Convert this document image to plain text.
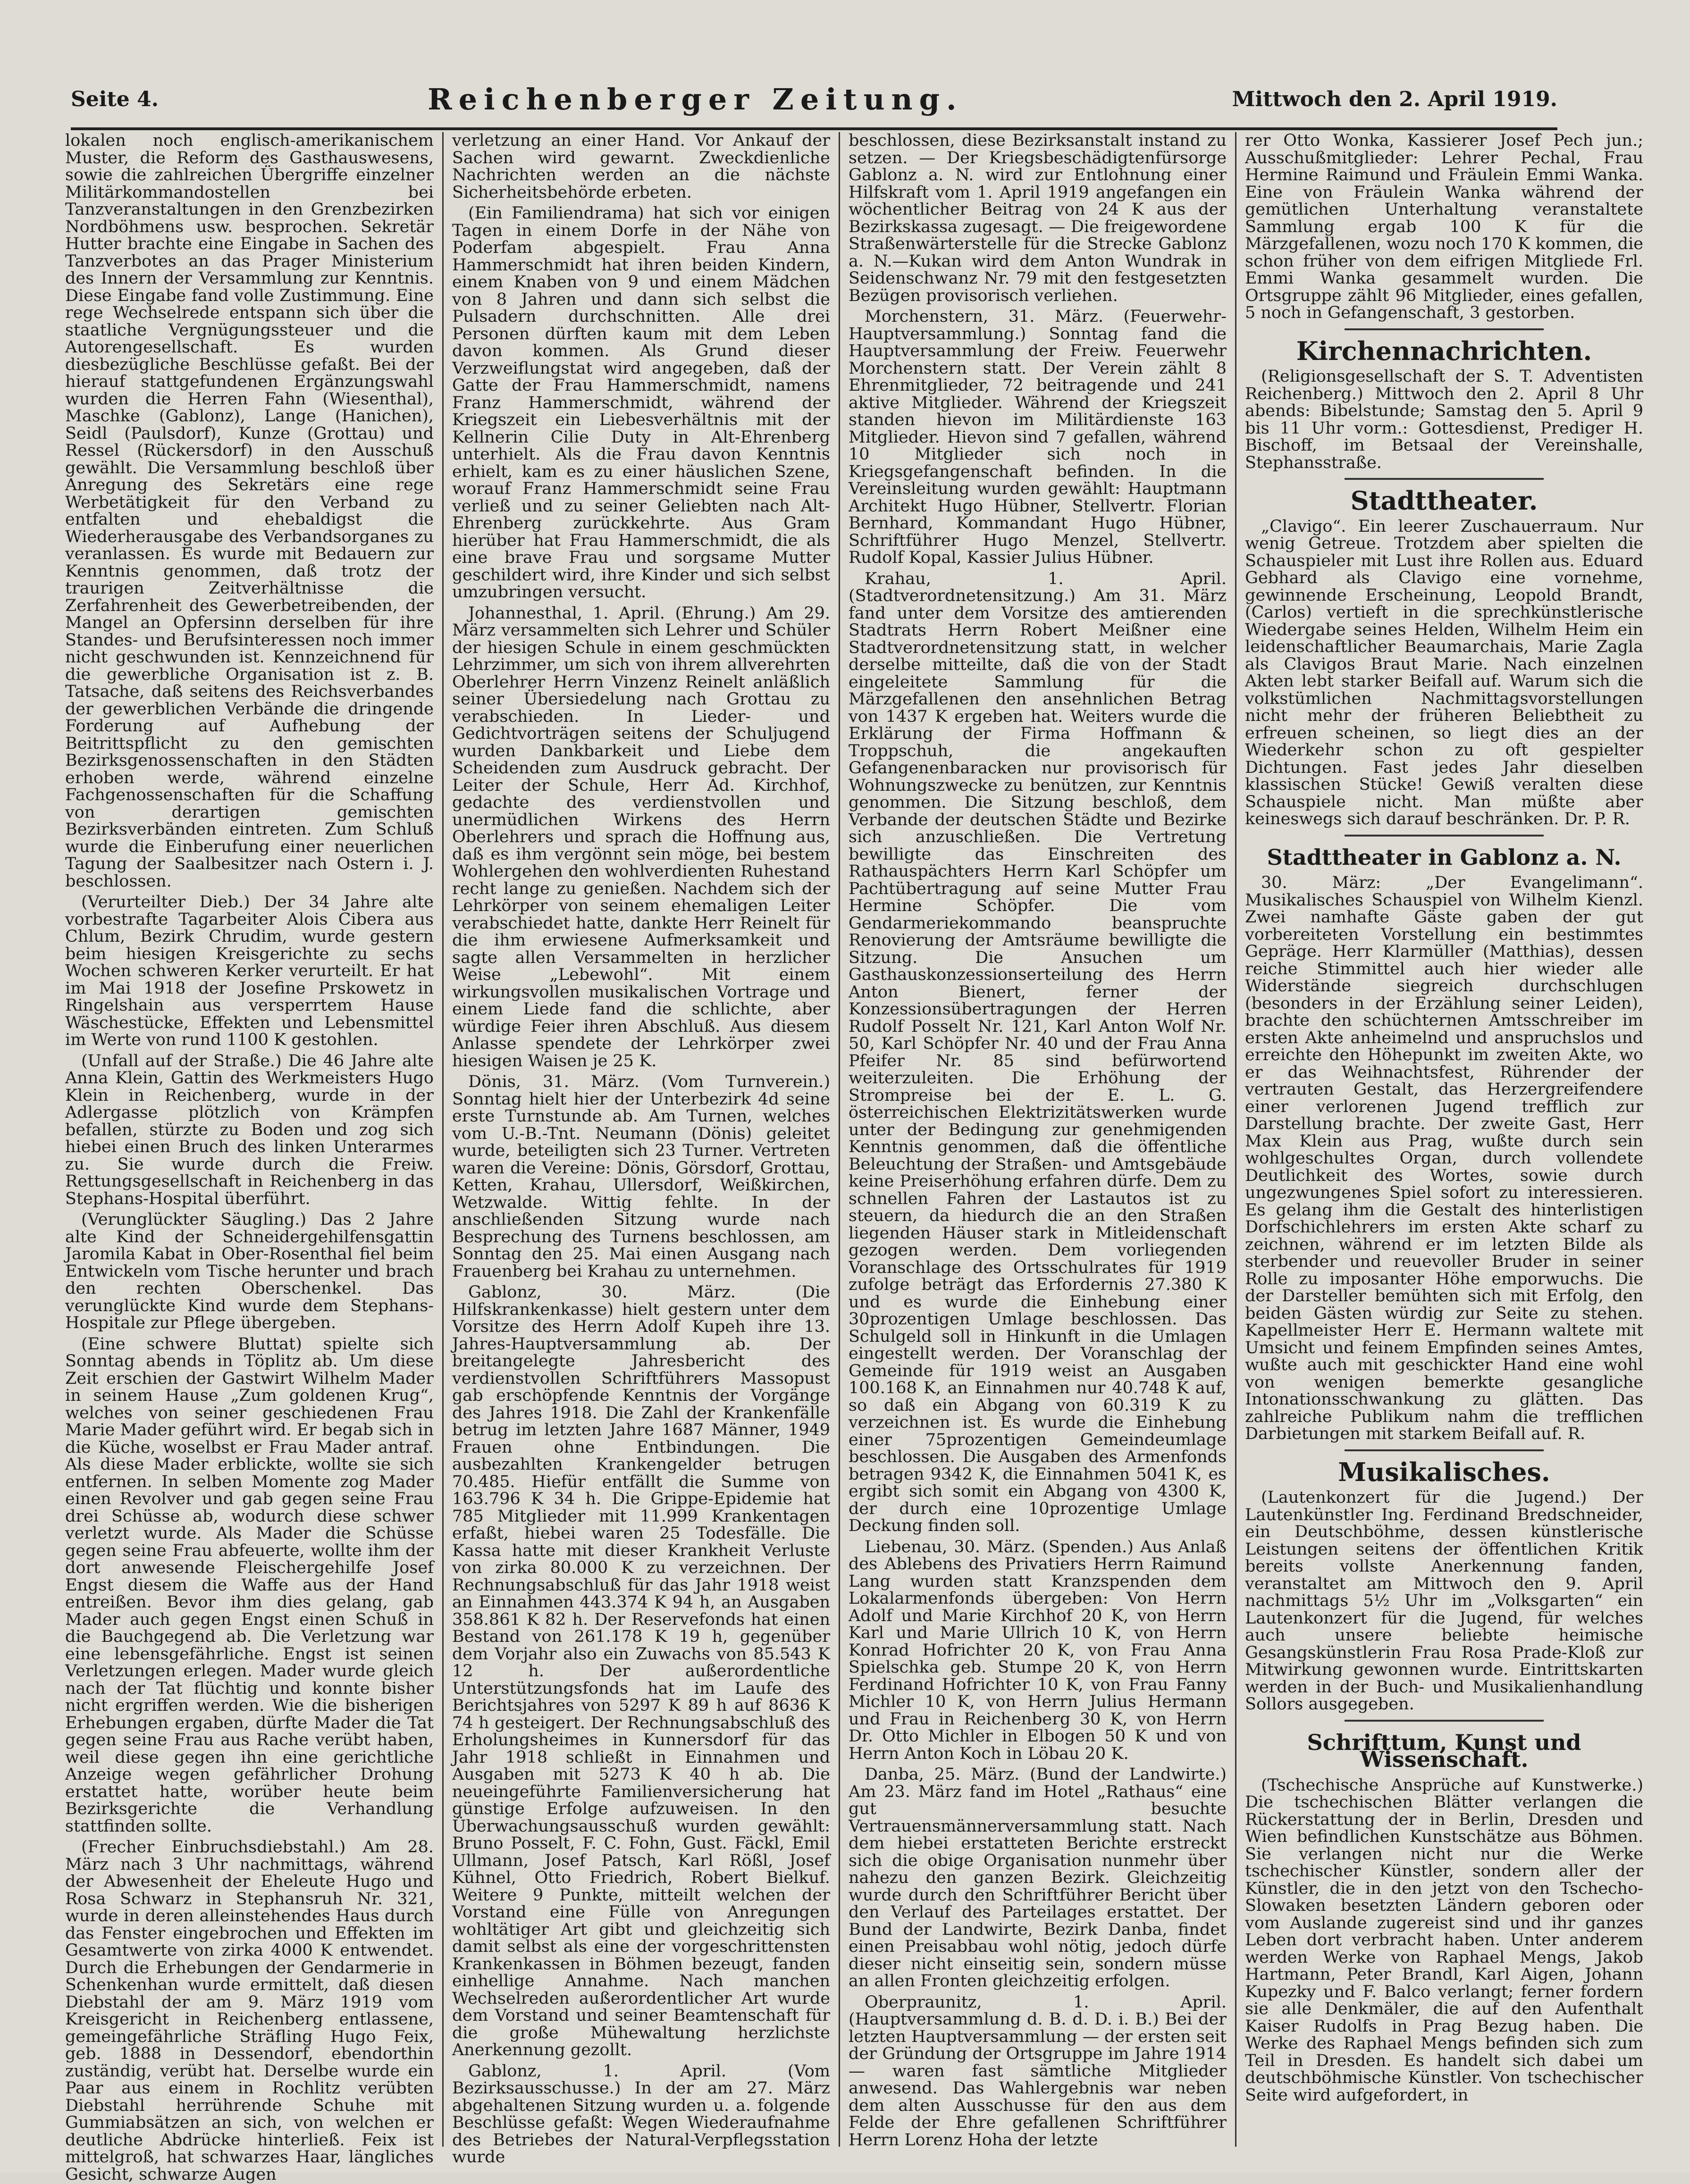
Seite 4.	Reichenberger Zeitung.	Mittwoch den 2. April 1919.

lokalen noch englisch-amerikanischem Muster, die Reform des Gasthauswesens, sowie die zahlreichen Übergriffe einzelner Militärkommandostellen bei Tanzveranstaltungen in den Grenzbezirken Nordböhmens usw. besprochen. Sekretär Hutter brachte eine Eingabe in Sachen des Tanzverbotes an das Prager Ministerium des Innern der Versammlung zur Kenntnis. Diese Eingabe fand volle Zustimmung. Eine rege Wechselrede entspann sich über die staatliche Vergnügungssteuer und die Autorengesellschaft. Es wurden diesbezügliche Beschlüsse gefaßt. Bei der hierauf stattgefundenen Ergänzungswahl wurden die Herren Fahn (Wiesenthal), Maschke (Gablonz), Lange (Hanichen), Seidl (Paulsdorf), Kunze (Grottau) und Ressel (Rückersdorf) in den Ausschuß gewählt. Die Versammlung beschloß über Anregung des Sekretärs eine rege Werbetätigkeit für den Verband zu entfalten und ehebaldigst die Wiederherausgabe des Verbandsorganes zu veranlassen. Es wurde mit Bedauern zur Kenntnis genommen, daß trotz der traurigen Zeitverhältnisse die Zerfahrenheit des Gewerbetreibenden, der Mangel an Opfersinn derselben für ihre Standes- und Berufsinteressen noch immer nicht geschwunden ist. Kennzeichnend für die gewerbliche Organisation ist z. B. Tatsache, daß seitens des Reichsverbandes der gewerblichen Verbände die dringende Forderung auf Aufhebung der Beitrittspflicht zu den gemischten Bezirksgenossenschaften in den Städten erhoben werde, während einzelne Fachgenossenschaften für die Schaffung von derartigen gemischten Bezirksverbänden eintreten. Zum Schluß wurde die Einberufung einer neuerlichen Tagung der Saalbesitzer nach Ostern i. J. beschlossen.

(Verurteilter Dieb.) Der 34 Jahre alte vorbestrafte Tagarbeiter Alois Cibera aus Chlum, Bezirk Chrudim, wurde gestern beim hiesigen Kreisgerichte zu sechs Wochen schweren Kerker verurteilt. Er hat im Mai 1918 der Josefine Prskowetz in Ringelshain aus versperrtem Hause Wäschestücke, Effekten und Lebensmittel im Werte von rund 1100 K gestohlen.

(Unfall auf der Straße.) Die 46 Jahre alte Anna Klein, Gattin des Werkmeisters Hugo Klein in Reichenberg, wurde in der Adlergasse plötzlich von Krämpfen befallen, stürzte zu Boden und zog sich hiebei einen Bruch des linken Unterarmes zu. Sie wurde durch die Freiw. Rettungsgesellschaft in Reichenberg in das Stephans-Hospital überführt.

(Verunglückter Säugling.) Das 2 Jahre alte Kind der Schneidergehilfensgattin Jaromila Kabat in Ober-Rosenthal fiel beim Entwickeln vom Tische herunter und brach den rechten Oberschenkel. Das verunglückte Kind wurde dem Stephans-Hospitale zur Pflege übergeben.

(Eine schwere Bluttat) spielte sich Sonntag abends in Töplitz ab. Um diese Zeit erschien der Gastwirt Wilhelm Mader in seinem Hause „Zum goldenen Krug“, welches von seiner geschiedenen Frau Marie Mader geführt wird. Er begab sich in die Küche, woselbst er Frau Mader antraf. Als diese Mader erblickte, wollte sie sich entfernen. In selben Momente zog Mader einen Revolver und gab gegen seine Frau drei Schüsse ab, wodurch diese schwer verletzt wurde. Als Mader die Schüsse gegen seine Frau abfeuerte, wollte ihm der dort anwesende Fleischergehilfe Josef Engst diesem die Waffe aus der Hand entreißen. Bevor ihm dies gelang, gab Mader auch gegen Engst einen Schuß in die Bauchgegend ab. Die Verletzung war eine lebensgefährliche. Engst ist seinen Verletzungen erlegen. Mader wurde gleich nach der Tat flüchtig und konnte bisher nicht ergriffen werden. Wie die bisherigen Erhebungen ergaben, dürfte Mader die Tat gegen seine Frau aus Rache verübt haben, weil diese gegen ihn eine gerichtliche Anzeige wegen gefährlicher Drohung erstattet hatte, worüber heute beim Bezirksgerichte die Verhandlung stattfinden sollte.

(Frecher Einbruchsdiebstahl.) Am 28. März nach 3 Uhr nachmittags, während der Abwesenheit der Eheleute Hugo und Rosa Schwarz in Stephansruh Nr. 321, wurde in deren alleinstehendes Haus durch das Fenster eingebrochen und Effekten im Gesamtwerte von zirka 4000 K entwendet. Durch die Erhebungen der Gendarmerie in Schenkenhan wurde ermittelt, daß diesen Diebstahl der am 9. März 1919 vom Kreisgericht in Reichenberg entlassene, gemeingefährliche Sträfling Hugo Feix, geb. 1888 in Dessendorf, ebendorthin zuständig, verübt hat. Derselbe wurde ein Paar aus einem in Rochlitz verübten Diebstahl herrührende Schuhe mit Gummiabsätzen an sich, von welchen er deutliche Abdrücke hinterließ. Feix ist mittelgroß, hat schwarzes Haar, längliches Gesicht, schwarze Augen

verletzung an einer Hand. Vor Ankauf der Sachen wird gewarnt. Zweckdienliche Nachrichten werden an die nächste Sicherheitsbehörde erbeten.

(Ein Familiendrama) hat sich vor einigen Tagen in einem Dorfe in der Nähe von Poderfam abgespielt. Frau Anna Hammerschmidt hat ihren beiden Kindern, einem Knaben von 9 und einem Mädchen von 8 Jahren und dann sich selbst die Pulsadern durchschnitten. Alle drei Personen dürften kaum mit dem Leben davon kommen. Als Grund dieser Verzweiflungstat wird angegeben, daß der Gatte der Frau Hammerschmidt, namens Franz Hammerschmidt, während der Kriegszeit ein Liebesverhältnis mit der Kellnerin Cilie Duty in Alt-Ehrenberg unterhielt. Als die Frau davon Kenntnis erhielt, kam es zu einer häuslichen Szene, worauf Franz Hammerschmidt seine Frau verließ und zu seiner Geliebten nach Alt-Ehrenberg zurückkehrte. Aus Gram hierüber hat Frau Hammerschmidt, die als eine brave Frau und sorgsame Mutter geschildert wird, ihre Kinder und sich selbst umzubringen versucht.

Johannesthal, 1. April. (Ehrung.) Am 29. März versammelten sich Lehrer und Schüler der hiesigen Schule in einem geschmückten Lehrzimmer, um sich von ihrem allverehrten Oberlehrer Herrn Vinzenz Reinelt anläßlich seiner Übersiedelung nach Grottau zu verabschieden. In Lieder- und Gedichtvorträgen seitens der Schuljugend wurden Dankbarkeit und Liebe dem Scheidenden zum Ausdruck gebracht. Der Leiter der Schule, Herr Ad. Kirchhof, gedachte des verdienstvollen und unermüdlichen Wirkens des Herrn Oberlehrers und sprach die Hoffnung aus, daß es ihm vergönnt sein möge, bei bestem Wohlergehen den wohlverdienten Ruhestand recht lange zu genießen. Nachdem sich der Lehrkörper von seinem ehemaligen Leiter verabschiedet hatte, dankte Herr Reinelt für die ihm erwiesene Aufmerksamkeit und sagte allen Versammelten in herzlicher Weise „Lebewohl“. Mit einem wirkungsvollen musikalischen Vortrage und einem Liede fand die schlichte, aber würdige Feier ihren Abschluß. Aus diesem Anlasse spendete der Lehrkörper zwei hiesigen Waisen je 25 K.

Dönis, 31. März. (Vom Turnverein.) Sonntag hielt hier der Unterbezirk 4d seine erste Turnstunde ab. Am Turnen, welches vom U.-B.-Tnt. Neumann (Dönis) geleitet wurde, beteiligten sich 23 Turner. Vertreten waren die Vereine: Dönis, Görsdorf, Grottau, Ketten, Krahau, Ullersdorf, Weißkirchen, Wetzwalde. Wittig fehlte. In der anschließenden Sitzung wurde nach Besprechung des Turnens beschlossen, am Sonntag den 25. Mai einen Ausgang nach Frauenberg bei Krahau zu unternehmen.

Gablonz, 30. März. (Die Hilfskrankenkasse) hielt gestern unter dem Vorsitze des Herrn Adolf Kupeh ihre 13. Jahres-Hauptversammlung ab. Der breitangelegte Jahresbericht des verdienstvollen Schriftführers Massopust gab erschöpfende Kenntnis der Vorgänge des Jahres 1918. Die Zahl der Krankenfälle betrug im letzten Jahre 1687 Männer, 1949 Frauen ohne Entbindungen. Die ausbezahlten Krankengelder betrugen 70.485. Hiefür entfällt die Summe von 163.796 K 34 h. Die Grippe-Epidemie hat 785 Mitglieder mit 11.999 Krankentagen erfaßt, hiebei waren 25 Todesfälle. Die Kassa hatte mit dieser Krankheit Verluste von zirka 80.000 K zu verzeichnen. Der Rechnungsabschluß für das Jahr 1918 weist an Einnahmen 443.374 K 94 h, an Ausgaben 358.861 K 82 h. Der Reservefonds hat einen Bestand von 261.178 K 19 h, gegenüber dem Vorjahr also ein Zuwachs von 85.543 K 12 h. Der außerordentliche Unterstützungsfonds hat im Laufe des Berichtsjahres von 5297 K 89 h auf 8636 K 74 h gesteigert. Der Rechnungsabschluß des Erholungsheimes in Kunnersdorf für das Jahr 1918 schließt in Einnahmen und Ausgaben mit 5273 K 40 h ab. Die neueingeführte Familienversicherung hat günstige Erfolge aufzuweisen. In den Überwachungsausschuß wurden gewählt: Bruno Posselt, F. C. Fohn, Gust. Fäckl, Emil Ullmann, Josef Patsch, Karl Rößl, Josef Kühnel, Otto Friedrich, Robert Bielkuf. Weitere 9 Punkte, mitteilt welchen der Vorstand eine Fülle von Anregungen wohltätiger Art gibt und gleichzeitig sich damit selbst als eine der vorgeschrittensten Krankenkassen in Böhmen bezeugt, fanden einhellige Annahme. Nach manchen Wechselreden außerordentlicher Art wurde dem Vorstand und seiner Beamtenschaft für die große Mühewaltung herzlichste Anerkennung gezollt.

Gablonz, 1. April. (Vom Bezirksausschusse.) In der am 27. März abgehaltenen Sitzung wurden u. a. folgende Beschlüsse gefaßt: Wegen Wiederaufnahme des Betriebes der Natural-Verpflegsstation wurde

beschlossen, diese Bezirksanstalt instand zu setzen. — Der Kriegsbeschädigtenfürsorge Gablonz a. N. wird zur Entlohnung einer Hilfskraft vom 1. April 1919 angefangen ein wöchentlicher Beitrag von 24 K aus der Bezirkskassa zugesagt. — Die freigewordene Straßenwärterstelle für die Strecke Gablonz a. N.—Kukan wird dem Anton Wundrak in Seidenschwanz Nr. 79 mit den festgesetzten Bezügen provisorisch verliehen.

Morchenstern, 31. März. (Feuerwehr-Hauptversammlung.) Sonntag fand die Hauptversammlung der Freiw. Feuerwehr Morchenstern statt. Der Verein zählt 8 Ehrenmitglieder, 72 beitragende und 241 aktive Mitglieder. Während der Kriegszeit standen hievon im Militärdienste 163 Mitglieder. Hievon sind 7 gefallen, während 10 Mitglieder sich noch in Kriegsgefangenschaft befinden. In die Vereinsleitung wurden gewählt: Hauptmann Architekt Hugo Hübner, Stellvertr. Florian Bernhard, Kommandant Hugo Hübner, Schriftführer Hugo Menzel, Stellvertr. Rudolf Kopal, Kassier Julius Hübner.

Krahau, 1. April. (Stadtverordnetensitzung.) Am 31. März fand unter dem Vorsitze des amtierenden Stadtrats Herrn Robert Meißner eine Stadtverordnetensitzung statt, in welcher derselbe mitteilte, daß die von der Stadt eingeleitete Sammlung für die Märzgefallenen den ansehnlichen Betrag von 1437 K ergeben hat. Weiters wurde die Erklärung der Firma Hoffmann & Troppschuh, die angekauften Gefangenenbaracken nur provisorisch für Wohnungszwecke zu benützen, zur Kenntnis genommen. Die Sitzung beschloß, dem Verbande der deutschen Städte und Bezirke sich anzuschließen. Die Vertretung bewilligte das Einschreiten des Rathauspächters Herrn Karl Schöpfer um Pachtübertragung auf seine Mutter Frau Hermine Schöpfer. Die vom Gendarmeriekommando beanspruchte Renovierung der Amtsräume bewilligte die Sitzung. Die Ansuchen um Gasthauskonzessionserteilung des Herrn Anton Bienert, ferner der Konzessionsübertragungen der Herren Rudolf Posselt Nr. 121, Karl Anton Wolf Nr. 50, Karl Schöpfer Nr. 40 und der Frau Anna Pfeifer Nr. 85 sind befürwortend weiterzuleiten. Die Erhöhung der Strompreise bei der E. L. G. österreichischen Elektrizitätswerken wurde unter der Bedingung zur genehmigenden Kenntnis genommen, daß die öffentliche Beleuchtung der Straßen- und Amtsgebäude keine Preiserhöhung erfahren dürfe. Dem zu schnellen Fahren der Lastautos ist zu steuern, da hiedurch die an den Straßen liegenden Häuser stark in Mitleidenschaft gezogen werden. Dem vorliegenden Voranschlage des Ortsschulrates für 1919 zufolge beträgt das Erfordernis 27.380 K und es wurde die Einhebung einer 30prozentigen Umlage beschlossen. Das Schulgeld soll in Hinkunft in die Umlagen eingestellt werden. Der Voranschlag der Gemeinde für 1919 weist an Ausgaben 100.168 K, an Einnahmen nur 40.748 K auf, so daß ein Abgang von 60.319 K zu verzeichnen ist. Es wurde die Einhebung einer 75prozentigen Gemeindeumlage beschlossen. Die Ausgaben des Armenfonds betragen 9342 K, die Einnahmen 5041 K, es ergibt sich somit ein Abgang von 4300 K, der durch eine 10prozentige Umlage Deckung finden soll.

Liebenau, 30. März. (Spenden.) Aus Anlaß des Ablebens des Privatiers Herrn Raimund Lang wurden statt Kranzspenden dem Lokalarmenfonds übergeben: Von Herrn Adolf und Marie Kirchhof 20 K, von Herrn Karl und Marie Ullrich 10 K, von Herrn Konrad Hofrichter 20 K, von Frau Anna Spielschka geb. Stumpe 20 K, von Herrn Ferdinand Hofrichter 10 K, von Frau Fanny Michler 10 K, von Herrn Julius Hermann und Frau in Reichenberg 30 K, von Herrn Dr. Otto Michler in Elbogen 50 K und von Herrn Anton Koch in Löbau 20 K.

Danba, 25. März. (Bund der Landwirte.) Am 23. März fand im Hotel „Rathaus“ eine gut besuchte Vertrauensmännerversammlung statt. Nach dem hiebei erstatteten Berichte erstreckt sich die obige Organisation nunmehr über nahezu den ganzen Bezirk. Gleichzeitig wurde durch den Schriftführer Bericht über den Verlauf des Parteilages erstattet. Der Bund der Landwirte, Bezirk Danba, findet einen Preisabbau wohl nötig, jedoch dürfe dieser nicht einseitig sein, sondern müsse an allen Fronten gleichzeitig erfolgen.

Oberpraunitz, 1. April. (Hauptversammlung d. B. d. D. i. B.) Bei der letzten Hauptversammlung — der ersten seit der Gründung der Ortsgruppe im Jahre 1914 — waren fast sämtliche Mitglieder anwesend. Das Wahlergebnis war neben dem alten Ausschusse für den aus dem Felde der Ehre gefallenen Schriftführer Herrn Lorenz Hoha der letzte

rer Otto Wonka, Kassierer Josef Pech jun.; Ausschußmitglieder: Lehrer Pechal, Frau Hermine Raimund und Fräulein Emmi Wanka. Eine von Fräulein Wanka während der gemütlichen Unterhaltung veranstaltete Sammlung ergab 100 K für die Märzgefallenen, wozu noch 170 K kommen, die schon früher von dem eifrigen Mitgliede Frl. Emmi Wanka gesammelt wurden. Die Ortsgruppe zählt 96 Mitglieder, eines gefallen, 5 noch in Gefangenschaft, 3 gestorben.

Kirchennachrichten.

(Religionsgesellschaft der S. T. Adventisten Reichenberg.) Mittwoch den 2. April 8 Uhr abends: Bibelstunde; Samstag den 5. April 9 bis 11 Uhr vorm.: Gottesdienst, Prediger H. Bischoff, im Betsaal der Vereinshalle, Stephansstraße.

Stadttheater.

„Clavigo“. Ein leerer Zuschauerraum. Nur wenig Getreue. Trotzdem aber spielten die Schauspieler mit Lust ihre Rollen aus. Eduard Gebhard als Clavigo eine vornehme, gewinnende Erscheinung, Leopold Brandt, (Carlos) vertieft in die sprechkünstlerische Wiedergabe seines Helden, Wilhelm Heim ein leidenschaftlicher Beaumarchais, Marie Zagla als Clavigos Braut Marie. Nach einzelnen Akten lebt starker Beifall auf. Warum sich die volkstümlichen Nachmittagsvorstellungen nicht mehr der früheren Beliebtheit zu erfreuen scheinen, so liegt dies an der Wiederkehr schon zu oft gespielter Dichtungen. Fast jedes Jahr dieselben klassischen Stücke! Gewiß veralten diese Schauspiele nicht. Man müßte aber keineswegs sich darauf beschränken. Dr. P. R.

Stadttheater in Gablonz a. N.

30. März: „Der Evangelimann“. Musikalisches Schauspiel von Wilhelm Kienzl. Zwei namhafte Gäste gaben der gut vorbereiteten Vorstellung ein bestimmtes Gepräge. Herr Klarmüller (Matthias), dessen reiche Stimmittel auch hier wieder alle Widerstände siegreich durchschlugen (besonders in der Erzählung seiner Leiden), brachte den schüchternen Amtsschreiber im ersten Akte anheimelnd und anspruchslos und erreichte den Höhepunkt im zweiten Akte, wo er das Weihnachtsfest, Rührender der vertrauten Gestalt, das Herzergreifendere einer verlorenen Jugend trefflich zur Darstellung brachte. Der zweite Gast, Herr Max Klein aus Prag, wußte durch sein wohlgeschultes Organ, durch vollendete Deutlichkeit des Wortes, sowie durch ungezwungenes Spiel sofort zu interessieren. Es gelang ihm die Gestalt des hinterlistigen Dorfschichlehrers im ersten Akte scharf zu zeichnen, während er im letzten Bilde als sterbender und reuevoller Bruder in seiner Rolle zu imposanter Höhe emporwuchs. Die der Darsteller bemühten sich mit Erfolg, den beiden Gästen würdig zur Seite zu stehen. Kapellmeister Herr E. Hermann waltete mit Umsicht und feinem Empfinden seines Amtes, wußte auch mit geschickter Hand eine wohl von wenigen bemerkte gesangliche Intonationsschwankung zu glätten. Das zahlreiche Publikum nahm die trefflichen Darbietungen mit starkem Beifall auf. R.

Musikalisches.

(Lautenkonzert für die Jugend.) Der Lautenkünstler Ing. Ferdinand Bredschneider, ein Deutschböhme, dessen künstlerische Leistungen seitens der öffentlichen Kritik bereits vollste Anerkennung fanden, veranstaltet am Mittwoch den 9. April nachmittags 5½ Uhr im „Volksgarten“ ein Lautenkonzert für die Jugend, für welches auch unsere beliebte heimische Gesangskünstlerin Frau Rosa Prade-Kloß zur Mitwirkung gewonnen wurde. Eintrittskarten werden in der Buch- und Musikalienhandlung Sollors ausgegeben.

Schrifttum, Kunst und Wissenschaft.

(Tschechische Ansprüche auf Kunstwerke.) Die tschechischen Blätter verlangen die Rückerstattung der in Berlin, Dresden und Wien befindlichen Kunstschätze aus Böhmen. Sie verlangen nicht nur die Werke tschechischer Künstler, sondern aller der Künstler, die in den jetzt von den Tschecho-Slowaken besetzten Ländern geboren oder vom Auslande zugereist sind und ihr ganzes Leben dort verbracht haben. Unter anderem werden Werke von Raphael Mengs, Jakob Hartmann, Peter Brandl, Karl Aigen, Johann Kupezky und F. Balco verlangt; ferner fordern sie alle Denkmäler, die auf den Aufenthalt Kaiser Rudolfs in Prag Bezug haben. Die Werke des Raphael Mengs befinden sich zum Teil in Dresden. Es handelt sich dabei um deutschböhmische Künstler. Von tschechischer Seite wird aufgefordert, in
